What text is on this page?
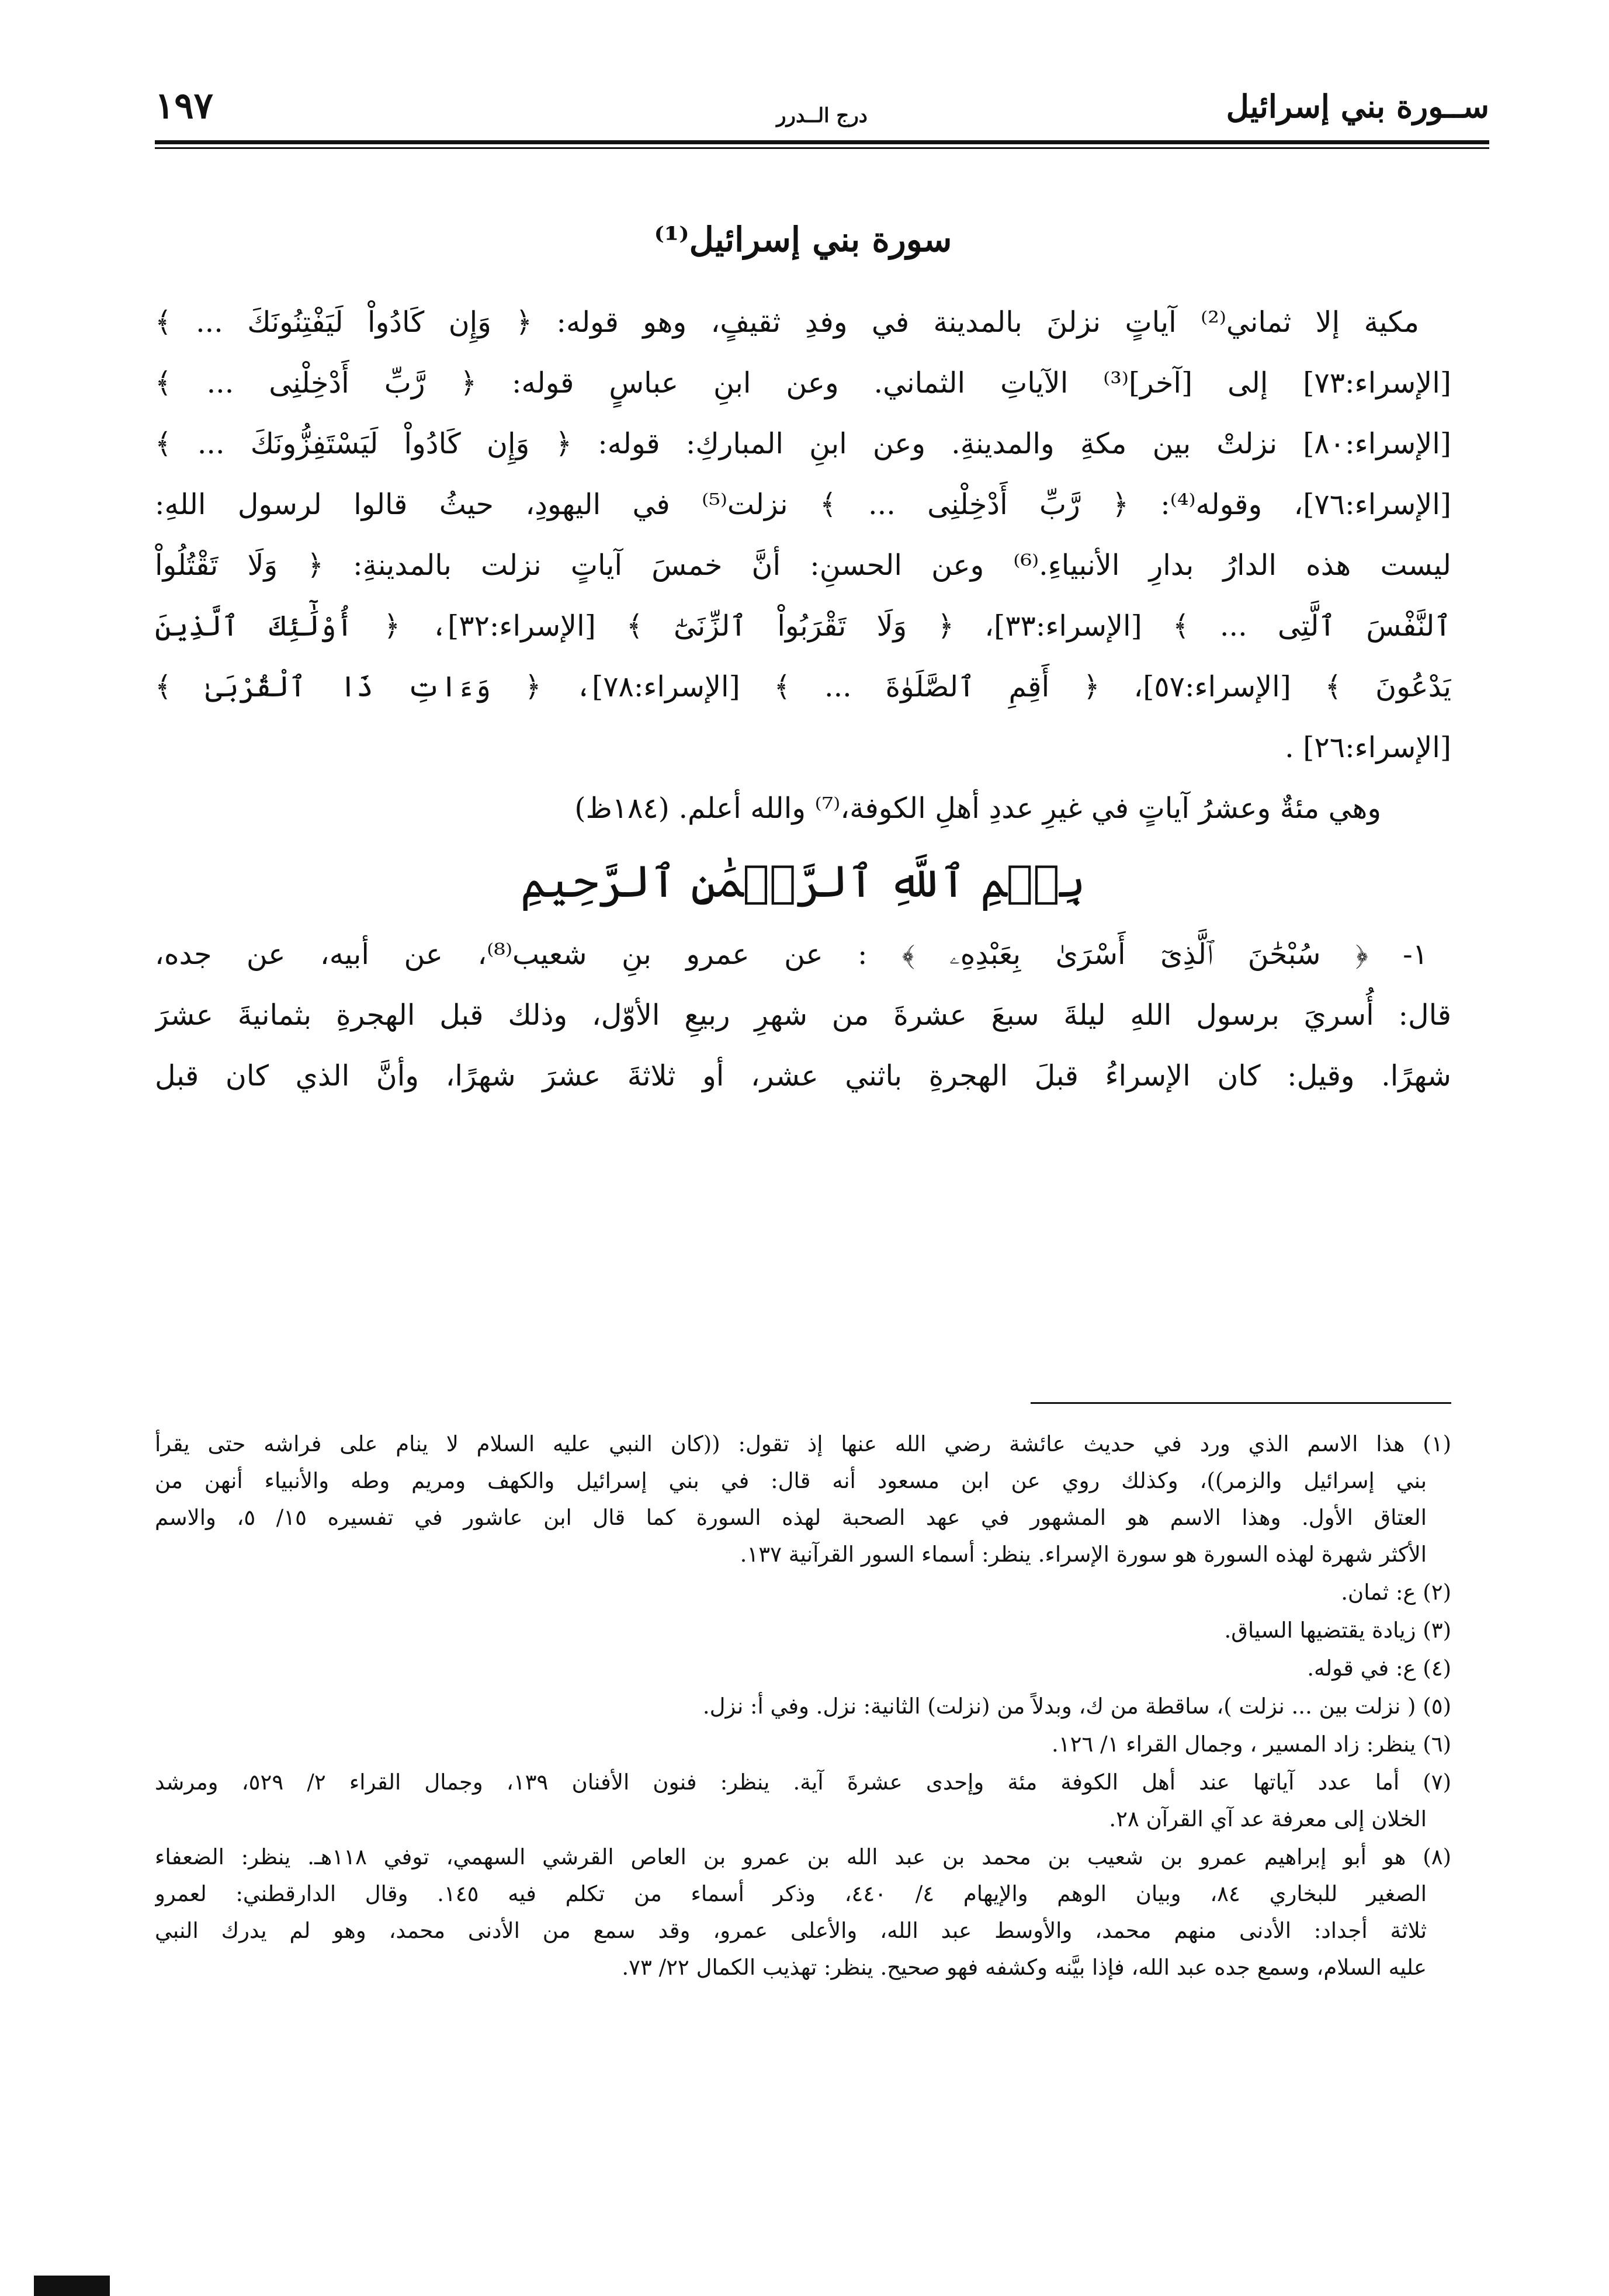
ســورة بني إسرائيل
درج الــدرر
١٩٧
سورة بني إسرائيل⁽¹⁾
مكية إلا ثماني⁽²⁾ آياتٍ نزلنَ بالمدينة في وفدِ ثقيفٍ، وهو قوله: ﴿ وَإِن كَادُواْ لَيَفْتِنُونَكَ ... ﴾
[الإسراء:٧٣] إلى [آخر]⁽³⁾ الآياتِ الثماني. وعن ابنِ عباسٍ قوله: ﴿ رَّبِّ أَدْخِلْنِى ... ﴾
[الإسراء:٨٠] نزلتْ بين مكةِ والمدينةِ. وعن ابنِ المباركِ: قوله: ﴿ وَإِن كَادُواْ لَيَسْتَفِزُّونَكَ ... ﴾
[الإسراء:٧٦]، وقوله⁽⁴⁾: ﴿ رَّبِّ أَدْخِلْنِى ... ﴾ نزلت⁽⁵⁾ في اليهودِ، حيثُ قالوا لرسول اللهِ:
ليست هذه الدارُ بدارِ الأنبياءِ.⁽⁶⁾ وعن الحسنِ: أنَّ خمسَ آياتٍ نزلت بالمدينةِ: ﴿ وَلَا تَقْتُلُواْ
ٱلنَّفْسَ ٱلَّتِى ... ﴾ [الإسراء:٣٣]، ﴿ وَلَا تَقْرَبُواْ ٱلزِّنَىٰٓ ﴾ [الإسراء:٣٢]، ﴿ أُوْلَٰٓئِكَ ٱلَّذِينَ
يَدْعُونَ ﴾ [الإسراء:٥٧]، ﴿ أَقِمِ ٱلصَّلَوٰةَ ... ﴾ [الإسراء:٧٨]، ﴿ وَءَاتِ ذَا ٱلْقُرْبَىٰ ﴾
[الإسراء:٢٦] .
وهي مئةٌ وعشرُ آياتٍ في غيرِ عددِ أهلِ الكوفة،⁽⁷⁾ والله أعلم. (١٨٤ظ)
بِسۡمِ ٱللَّهِ ٱلرَّحۡمَٰنِ ٱلرَّحِيمِ
١- ﴿ سُبْحَٰنَ ٱلَّذِىٓ أَسْرَىٰ بِعَبْدِهِۦ ﴾ : عن عمرو بنِ شعيب⁽⁸⁾، عن أبيه، عن جده،
قال: أُسريَ برسول اللهِ ليلةَ سبعَ عشرةَ من شهرِ ربيعِ الأوّل، وذلك قبل الهجرةِ بثمانيةَ عشرَ
شهرًا. وقيل: كان الإسراءُ قبلَ الهجرةِ باثني عشر، أو ثلاثةَ عشرَ شهرًا، وأنَّ الذي كان قبل
(١) هذا الاسم الذي ورد في حديث عائشة رضي الله عنها إذ تقول: ((كان النبي عليه السلام لا ينام على فراشه حتى يقرأ
بني إسرائيل والزمر))، وكذلك روي عن ابن مسعود أنه قال: في بني إسرائيل والكهف ومريم وطه والأنبياء أنهن من
العتاق الأول. وهذا الاسم هو المشهور في عهد الصحبة لهذه السورة كما قال ابن عاشور في تفسيره ١٥/ ٥، والاسم
الأكثر شهرة لهذه السورة هو سورة الإسراء. ينظر: أسماء السور القرآنية ١٣٧.
(٢) ع: ثمان.
(٣) زيادة يقتضيها السياق.
(٤) ع: في قوله.
(٥) ( نزلت بين ... نزلت )، ساقطة من ك، وبدلاً من (نزلت) الثانية: نزل. وفي أ: نزل.
(٦) ينظر: زاد المسير ، وجمال القراء ١/ ١٢٦.
(٧) أما عدد آياتها عند أهل الكوفة مئة وإحدى عشرةَ آية. ينظر: فنون الأفنان ١٣٩، وجمال القراء ٢/ ٥٢٩، ومرشد
الخلان إلى معرفة عد آي القرآن ٢٨.
(٨) هو أبو إبراهيم عمرو بن شعيب بن محمد بن عبد الله بن عمرو بن العاص القرشي السهمي، توفي ١١٨هـ. ينظر: الضعفاء
الصغير للبخاري ٨٤، وبيان الوهم والإيهام ٤/ ٤٤٠، وذكر أسماء من تكلم فيه ١٤٥. وقال الدارقطني: لعمرو
ثلاثة أجداد: الأدنى منهم محمد، والأوسط عبد الله، والأعلى عمرو، وقد سمع من الأدنى محمد، وهو لم يدرك النبي
عليه السلام، وسمع جده عبد الله، فإذا بيَّنه وكشفه فهو صحيح. ينظر: تهذيب الكمال ٢٢/ ٧٣.
